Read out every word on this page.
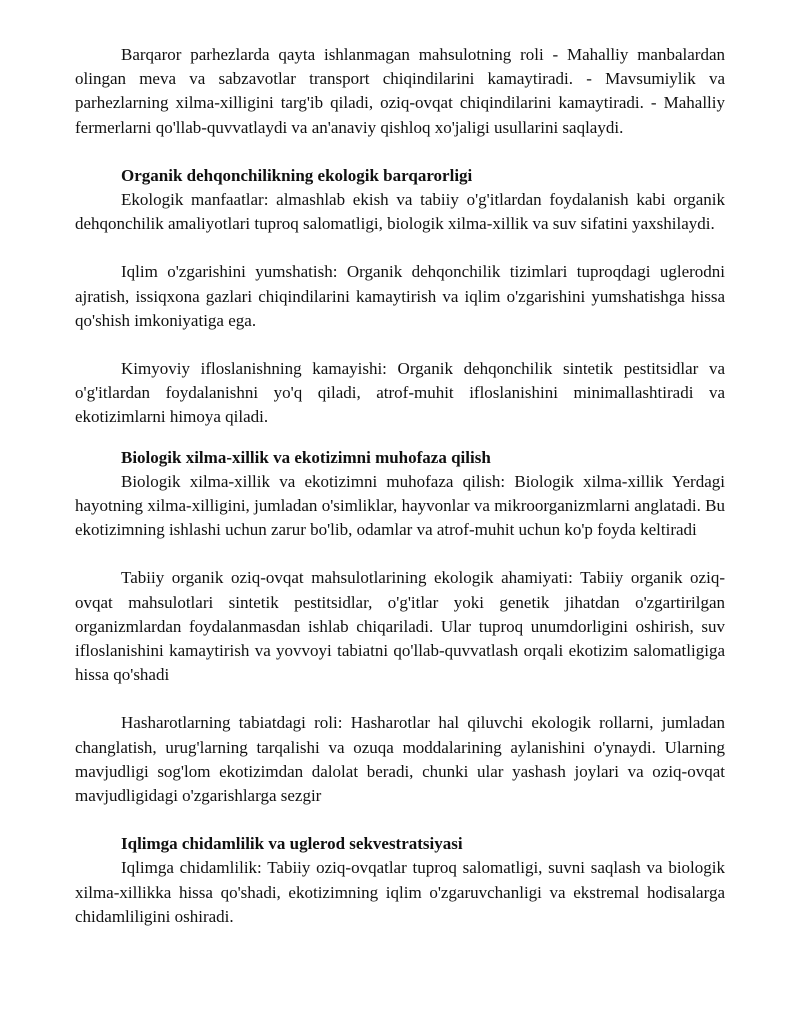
Barqaror parhezlarda qayta ishlanmagan mahsulotning roli - Mahalliy manbalardan olingan meva va sabzavotlar transport chiqindilarini kamaytiradi. - Mavsumiylik va parhezlarning xilma-xilligini targ'ib qiladi, oziq-ovqat chiqindilarini kamaytiradi. - Mahalliy fermerlarni qo'llab-quvvatlaydi va an'anaviy qishloq xo'jaligi usullarini saqlaydi.

Organik dehqonchilikning ekologik barqarorligi

Ekologik manfaatlar: almashlab ekish va tabiiy o'g'itlardan foydalanish kabi organik dehqonchilik amaliyotlari tuproq salomatligi, biologik xilma-xillik va suv sifatini yaxshilaydi.

Iqlim o'zgarishini yumshatish: Organik dehqonchilik tizimlari tuproqdagi uglerodni ajratish, issiqxona gazlari chiqindilarini kamaytirish va iqlim o'zgarishini yumshatishga hissa qo'shish imkoniyatiga ega.

Kimyoviy ifloslanishning kamayishi: Organik dehqonchilik sintetik pestitsidlar va o'g'itlardan foydalanishni yo'q qiladi, atrof-muhit ifloslanishini minimallashtiradi va ekotizimlarni himoya qiladi.

Biologik xilma-xillik va ekotizimni muhofaza qilish

Biologik xilma-xillik va ekotizimni muhofaza qilish: Biologik xilma-xillik Yerdagi hayotning xilma-xilligini, jumladan o'simliklar, hayvonlar va mikroorganizmlarni anglatadi. Bu ekotizimning ishlashi uchun zarur bo'lib, odamlar va atrof-muhit uchun ko'p foyda keltiradi

Tabiiy organik oziq-ovqat mahsulotlarining ekologik ahamiyati: Tabiiy organik oziq-ovqat mahsulotlari sintetik pestitsidlar, o'g'itlar yoki genetik jihatdan o'zgartirilgan organizmlardan foydalanmasdan ishlab chiqariladi. Ular tuproq unumdorligini oshirish, suv ifloslanishini kamaytirish va yovvoyi tabiatni qo'llab-quvvatlash orqali ekotizim salomatligiga hissa qo'shadi

Hasharotlarning tabiatdagi roli: Hasharotlar hal qiluvchi ekologik rollarni, jumladan changlatish, urug'larning tarqalishi va ozuqa moddalarining aylanishini o'ynaydi. Ularning mavjudligi sog'lom ekotizimdan dalolat beradi, chunki ular yashash joylari va oziq-ovqat mavjudligidagi o'zgarishlarga sezgir

Iqlimga chidamlilik va uglerod sekvestratsiyasi

Iqlimga chidamlilik: Tabiiy oziq-ovqatlar tuproq salomatligi, suvni saqlash va biologik xilma-xillikka hissa qo'shadi, ekotizimning iqlim o'zgaruvchanligi va ekstremal hodisalarga chidamliligini oshiradi.
